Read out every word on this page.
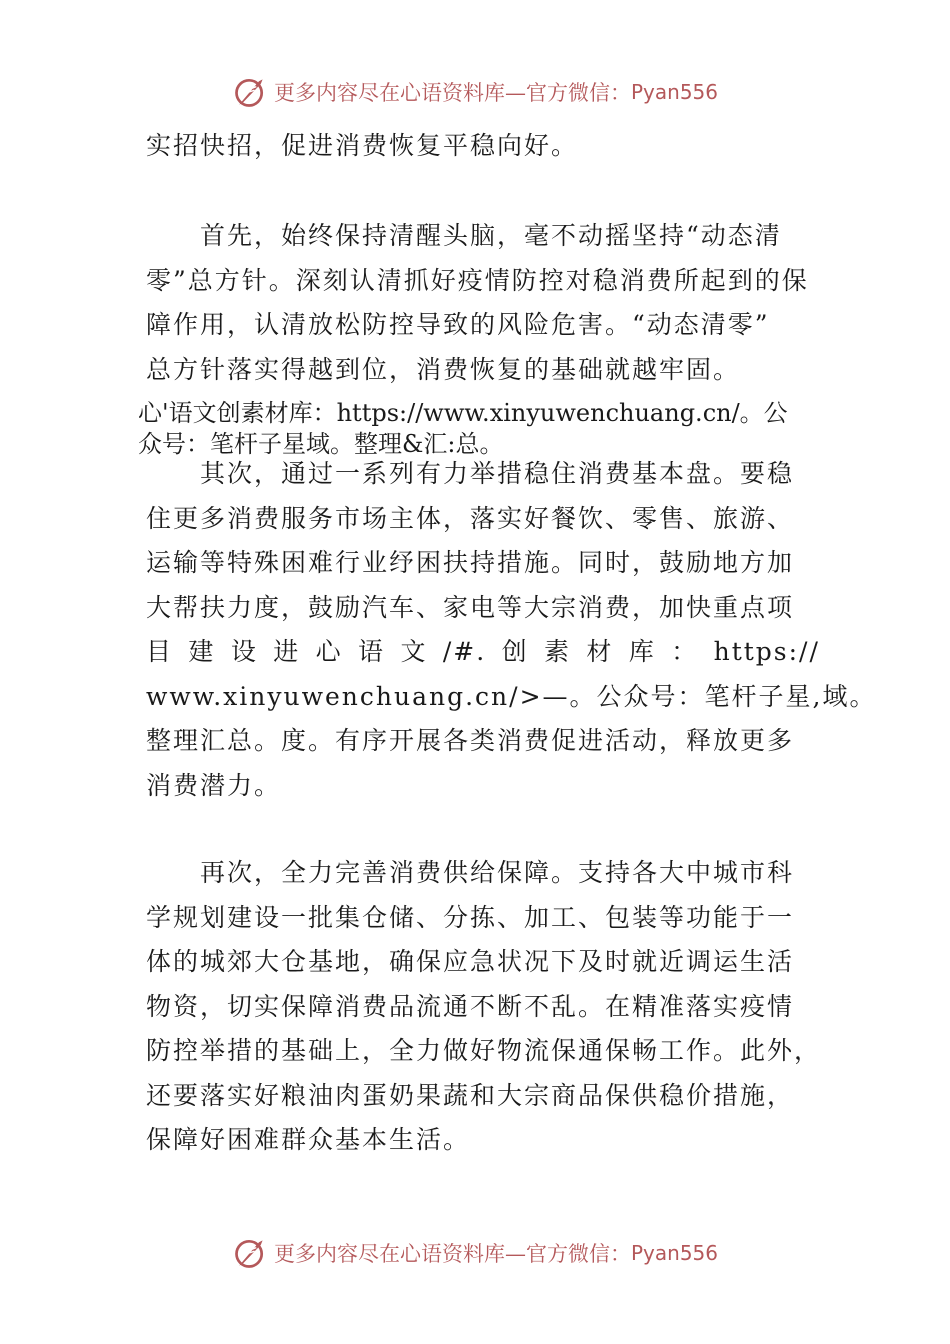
更多内容尽在心语资料库—官方微信： Pyan556
实招快招，促进消费恢复平稳向好。
首先，始终保持清醒头脑，毫不动摇坚持“动态清
零”总方针。深刻认清抓好疫情防控对稳消费所起到的保
障作用，认清放松防控导致的风险危害。“动态清零”
总方针落实得越到位，消费恢复的基础就越牢固。
心'语文创素材库：https://www.xinyuwenchuang.cn/。公
众号：笔杆子星域。整理&汇:总。
其次，通过一系列有力举措稳住消费基本盘。要稳
住更多消费服务市场主体，落实好餐饮、零售、旅游、
运输等特殊困难行业纾困扶持措施。同时，鼓励地方加
大帮扶力度，鼓励汽车、家电等大宗消费，加快重点项
目 建 设 进 心 语 文 /#. 创 素 材 库 ： https://
www.xinyuwenchuang.cn/>—。公众号：笔杆子星,域。
整理汇总。度。有序开展各类消费促进活动，释放更多
消费潜力。
再次，全力完善消费供给保障。支持各大中城市科
学规划建设一批集仓储、分拣、加工、包装等功能于一
体的城郊大仓基地，确保应急状况下及时就近调运生活
物资，切实保障消费品流通不断不乱。在精准落实疫情
防控举措的基础上，全力做好物流保通保畅工作。此外，
还要落实好粮油肉蛋奶果蔬和大宗商品保供稳价措施，
保障好困难群众基本生活。
更多内容尽在心语资料库—官方微信： Pyan556
